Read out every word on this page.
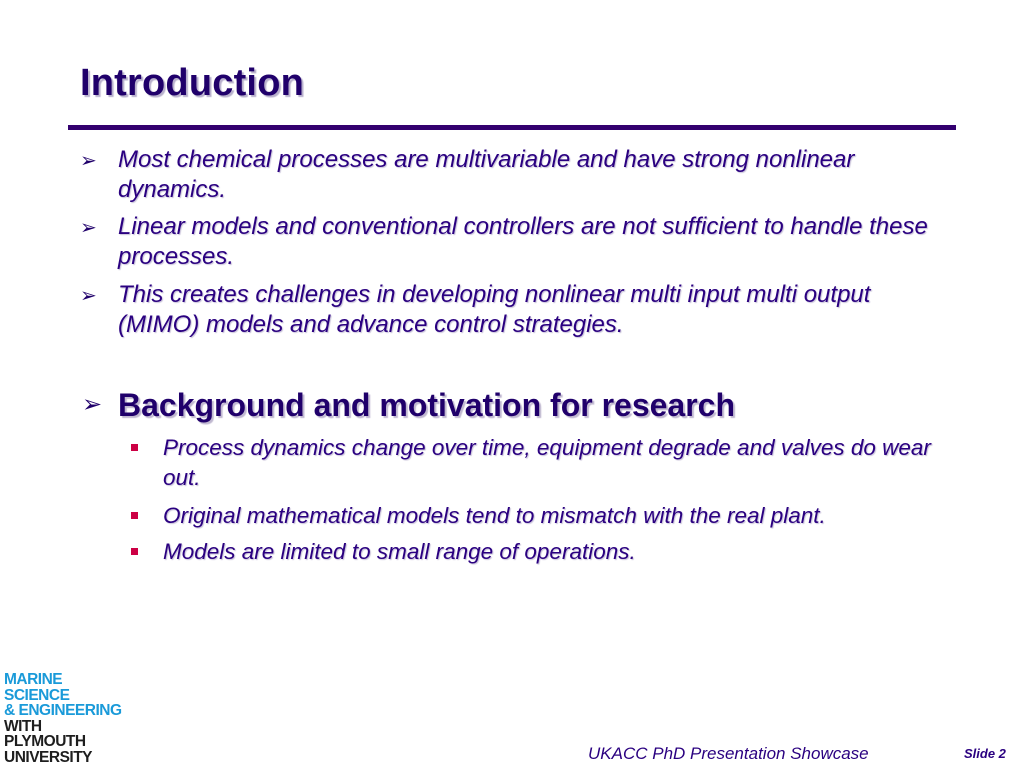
Introduction
➢ Most chemical processes are multivariable and have strong nonlinear dynamics.
➢ Linear models and conventional controllers are not sufficient to handle these processes.
➢ This creates challenges in developing nonlinear multi input multi output (MIMO) models and advance control strategies.
➢ Background and motivation for research
Process dynamics change over time, equipment degrade and valves do wear out.
Original mathematical models tend to mismatch with the real plant.
Models are limited to small range of operations.
MARINE
SCIENCE
& ENGINEERING
WITH
PLYMOUTH
UNIVERSITY	UKACC PhD Presentation Showcase	Slide 2
